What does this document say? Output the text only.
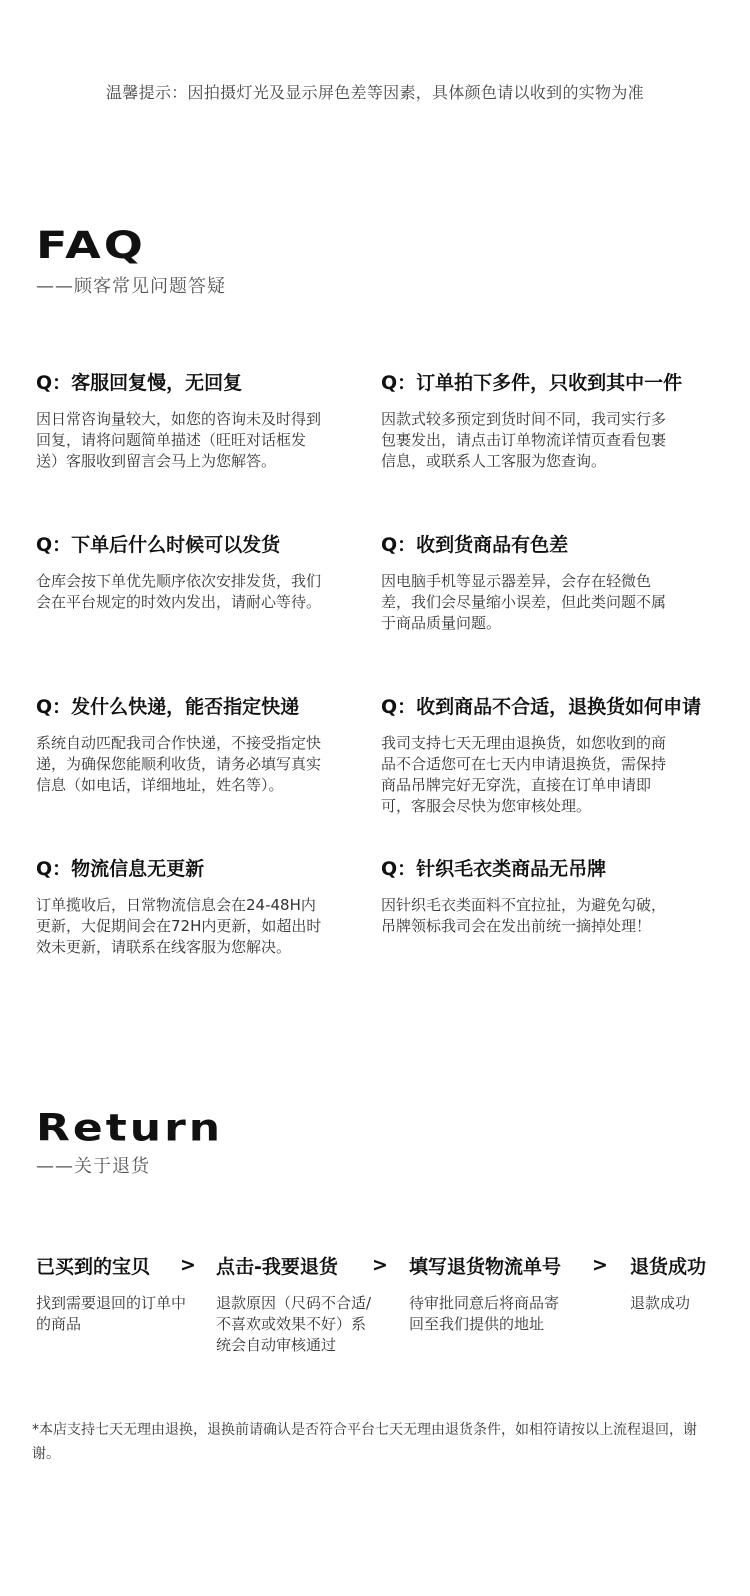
温馨提示：因拍摄灯光及显示屏色差等因素，具体颜色请以收到的实物为准
FAQ
——顾客常见问题答疑

Q：客服回复慢，无回复

因日常咨询量较大，如您的咨询未及时得到回复，请将问题简单描述（旺旺对话框发送）客服收到留言会马上为您解答。

Q：订单拍下多件，只收到其中一件

因款式较多预定到货时间不同，我司实行多包裹发出，请点击订单物流详情页查看包裹信息，或联系人工客服为您查询。

Q：下单后什么时候可以发货

仓库会按下单优先顺序依次安排发货，我们会在平台规定的时效内发出，请耐心等待。

Q：收到货商品有色差

因电脑手机等显示器差异，会存在轻微色差，我们会尽量缩小误差，但此类问题不属于商品质量问题。

Q：发什么快递，能否指定快递

系统自动匹配我司合作快递，不接受指定快递，为确保您能顺利收货，请务必填写真实信息（如电话，详细地址，姓名等）。

Q：收到商品不合适，退换货如何申请

我司支持七天无理由退换货，如您收到的商品不合适您可在七天内申请退换货，需保持商品吊牌完好无穿洗，直接在订单申请即可，客服会尽快为您审核处理。

Q：物流信息无更新

订单揽收后，日常物流信息会在24-48H内更新，大促期间会在72H内更新，如超出时效未更新，请联系在线客服为您解决。

Q：针织毛衣类商品无吊牌

因针织毛衣类面料不宜拉扯，为避免勾破，吊牌领标我司会在发出前统一摘掉处理！

Return
——关于退货

已买到的宝贝

找到需要退回的订单中的商品

> 点击-我要退货

退款原因（尺码不合适/不喜欢或效果不好）系统会自动审核通过

> 填写退货物流单号

待审批同意后将商品寄回至我们提供的地址

> 退货成功

退款成功

*本店支持七天无理由退换，退换前请确认是否符合平台七天无理由退货条件，如相符请按以上流程退回，谢谢。
